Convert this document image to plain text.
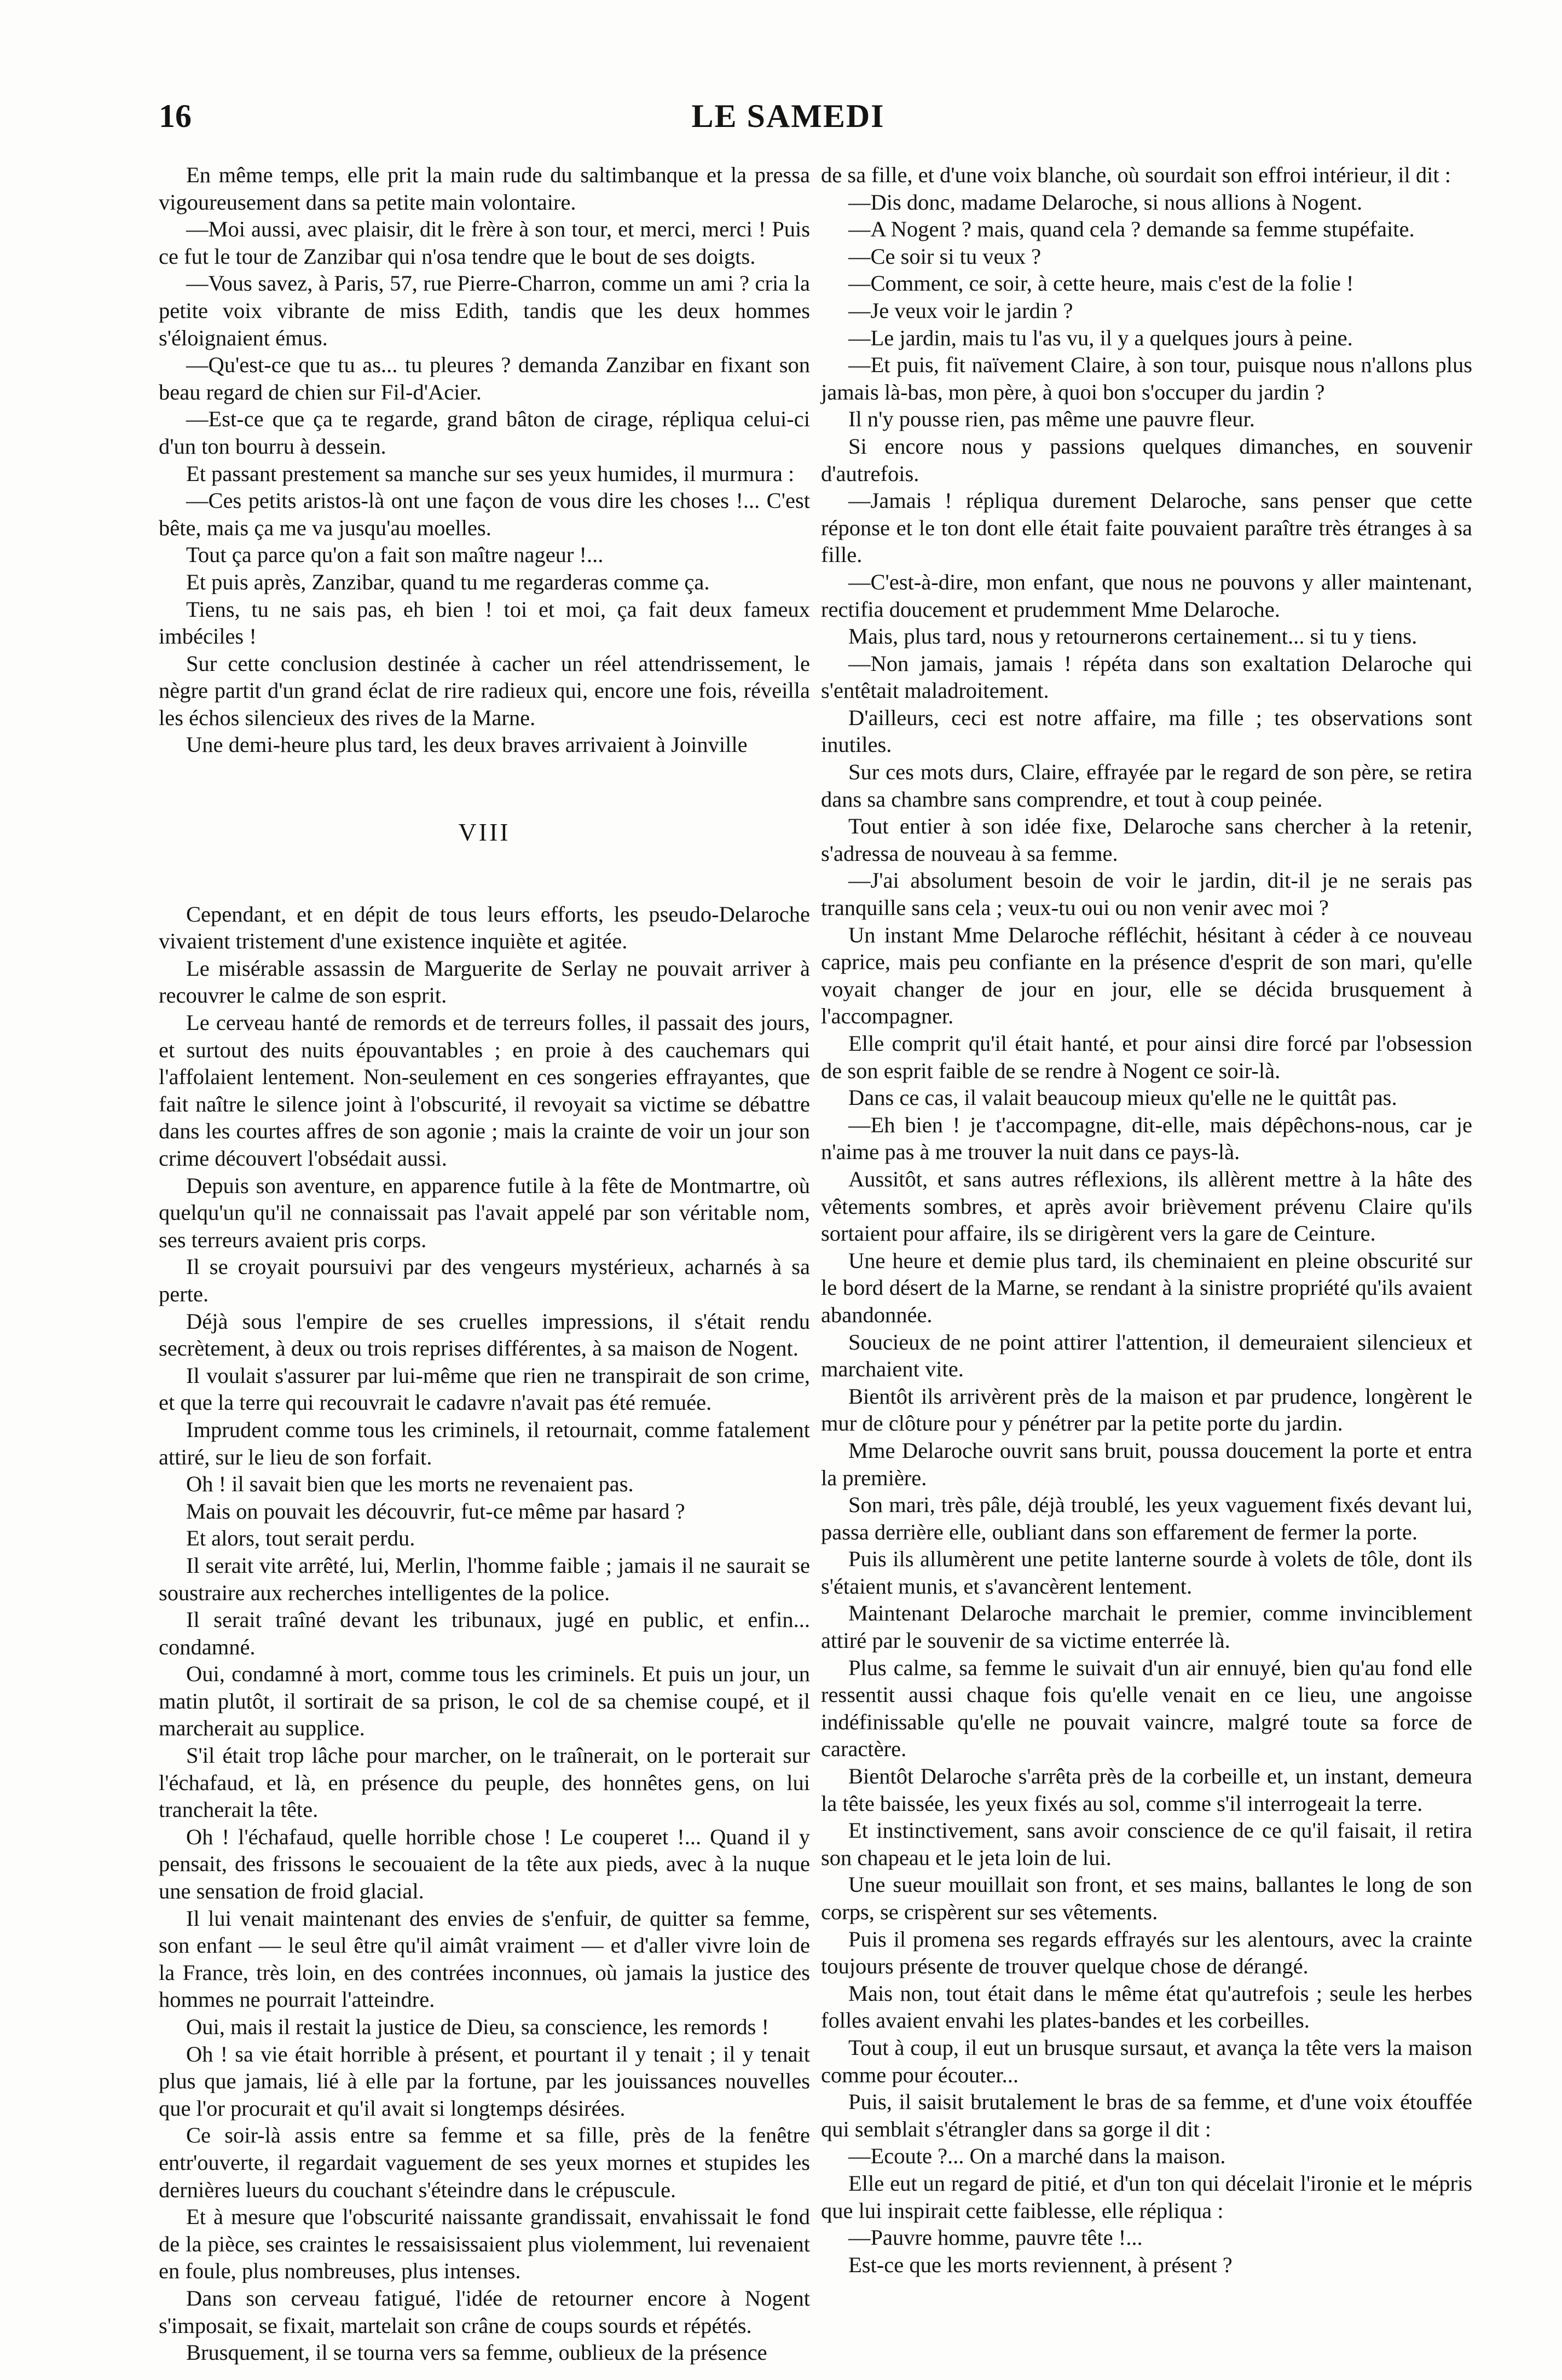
16	LE SAMEDI

En même temps, elle prit la main rude du saltimbanque et la pressa vigoureusement dans sa petite main volontaire.

—Moi aussi, avec plaisir, dit le frère à son tour, et merci, merci ! Puis ce fut le tour de Zanzibar qui n'osa tendre que le bout de ses doigts.

—Vous savez, à Paris, 57, rue Pierre-Charron, comme un ami ? cria la petite voix vibrante de miss Edith, tandis que les deux hommes s'éloignaient émus.

—Qu'est-ce que tu as... tu pleures ? demanda Zanzibar en fixant son beau regard de chien sur Fil-d'Acier.

—Est-ce que ça te regarde, grand bâton de cirage, répliqua celui-ci d'un ton bourru à dessein.

Et passant prestement sa manche sur ses yeux humides, il murmura :

—Ces petits aristos-là ont une façon de vous dire les choses !... C'est bête, mais ça me va jusqu'au moelles.

Tout ça parce qu'on a fait son maître nageur !...

Et puis après, Zanzibar, quand tu me regarderas comme ça.

Tiens, tu ne sais pas, eh bien ! toi et moi, ça fait deux fameux imbéciles !

Sur cette conclusion destinée à cacher un réel attendrissement, le nègre partit d'un grand éclat de rire radieux qui, encore une fois, réveilla les échos silencieux des rives de la Marne.

Une demi-heure plus tard, les deux braves arrivaient à Joinville

VIII

Cependant, et en dépit de tous leurs efforts, les pseudo-Delaroche vivaient tristement d'une existence inquiète et agitée.

Le misérable assassin de Marguerite de Serlay ne pouvait arriver à recouvrer le calme de son esprit.

Le cerveau hanté de remords et de terreurs folles, il passait des jours, et surtout des nuits épouvantables ; en proie à des cauchemars qui l'affolaient lentement. Non-seulement en ces songeries effrayantes, que fait naître le silence joint à l'obscurité, il revoyait sa victime se débattre dans les courtes affres de son agonie ; mais la crainte de voir un jour son crime découvert l'obsédait aussi.

Depuis son aventure, en apparence futile à la fête de Montmartre, où quelqu'un qu'il ne connaissait pas l'avait appelé par son véritable nom, ses terreurs avaient pris corps.

Il se croyait poursuivi par des vengeurs mystérieux, acharnés à sa perte.

Déjà sous l'empire de ses cruelles impressions, il s'était rendu secrètement, à deux ou trois reprises différentes, à sa maison de Nogent.

Il voulait s'assurer par lui-même que rien ne transpirait de son crime, et que la terre qui recouvrait le cadavre n'avait pas été remuée.

Imprudent comme tous les criminels, il retournait, comme fatalement attiré, sur le lieu de son forfait.

Oh ! il savait bien que les morts ne revenaient pas.

Mais on pouvait les découvrir, fut-ce même par hasard ?

Et alors, tout serait perdu.

Il serait vite arrêté, lui, Merlin, l'homme faible ; jamais il ne saurait se soustraire aux recherches intelligentes de la police.

Il serait traîné devant les tribunaux, jugé en public, et enfin... condamné.

Oui, condamné à mort, comme tous les criminels. Et puis un jour, un matin plutôt, il sortirait de sa prison, le col de sa chemise coupé, et il marcherait au supplice.

S'il était trop lâche pour marcher, on le traînerait, on le porterait sur l'échafaud, et là, en présence du peuple, des honnêtes gens, on lui trancherait la tête.

Oh ! l'échafaud, quelle horrible chose ! Le couperet !... Quand il y pensait, des frissons le secouaient de la tête aux pieds, avec à la nuque une sensation de froid glacial.

Il lui venait maintenant des envies de s'enfuir, de quitter sa femme, son enfant — le seul être qu'il aimât vraiment — et d'aller vivre loin de la France, très loin, en des contrées inconnues, où jamais la justice des hommes ne pourrait l'atteindre.

Oui, mais il restait la justice de Dieu, sa conscience, les remords !

Oh ! sa vie était horrible à présent, et pourtant il y tenait ; il y tenait plus que jamais, lié à elle par la fortune, par les jouissances nouvelles que l'or procurait et qu'il avait si longtemps désirées.

Ce soir-là assis entre sa femme et sa fille, près de la fenêtre entr'ouverte, il regardait vaguement de ses yeux mornes et stupides les dernières lueurs du couchant s'éteindre dans le crépuscule.

Et à mesure que l'obscurité naissante grandissait, envahissait le fond de la pièce, ses craintes le ressaisissaient plus violemment, lui revenaient en foule, plus nombreuses, plus intenses.

Dans son cerveau fatigué, l'idée de retourner encore à Nogent s'imposait, se fixait, martelait son crâne de coups sourds et répétés.

Brusquement, il se tourna vers sa femme, oublieux de la présence

de sa fille, et d'une voix blanche, où sourdait son effroi intérieur, il dit :

—Dis donc, madame Delaroche, si nous allions à Nogent.

—A Nogent ? mais, quand cela ? demande sa femme stupéfaite.

—Ce soir si tu veux ?

—Comment, ce soir, à cette heure, mais c'est de la folie !

—Je veux voir le jardin ?

—Le jardin, mais tu l'as vu, il y a quelques jours à peine.

—Et puis, fit naïvement Claire, à son tour, puisque nous n'allons plus jamais là-bas, mon père, à quoi bon s'occuper du jardin ?

Il n'y pousse rien, pas même une pauvre fleur.

Si encore nous y passions quelques dimanches, en souvenir d'autrefois.

—Jamais ! répliqua durement Delaroche, sans penser que cette réponse et le ton dont elle était faite pouvaient paraître très étranges à sa fille.

—C'est-à-dire, mon enfant, que nous ne pouvons y aller maintenant, rectifia doucement et prudemment Mme Delaroche.

Mais, plus tard, nous y retournerons certainement... si tu y tiens.

—Non jamais, jamais ! répéta dans son exaltation Delaroche qui s'entêtait maladroitement.

D'ailleurs, ceci est notre affaire, ma fille ; tes observations sont inutiles.

Sur ces mots durs, Claire, effrayée par le regard de son père, se retira dans sa chambre sans comprendre, et tout à coup peinée.

Tout entier à son idée fixe, Delaroche sans chercher à la retenir, s'adressa de nouveau à sa femme.

—J'ai absolument besoin de voir le jardin, dit-il je ne serais pas tranquille sans cela ; veux-tu oui ou non venir avec moi ?

Un instant Mme Delaroche réfléchit, hésitant à céder à ce nouveau caprice, mais peu confiante en la présence d'esprit de son mari, qu'elle voyait changer de jour en jour, elle se décida brusquement à l'accompagner.

Elle comprit qu'il était hanté, et pour ainsi dire forcé par l'obsession de son esprit faible de se rendre à Nogent ce soir-là.

Dans ce cas, il valait beaucoup mieux qu'elle ne le quittât pas.

—Eh bien ! je t'accompagne, dit-elle, mais dépêchons-nous, car je n'aime pas à me trouver la nuit dans ce pays-là.

Aussitôt, et sans autres réflexions, ils allèrent mettre à la hâte des vêtements sombres, et après avoir brièvement prévenu Claire qu'ils sortaient pour affaire, ils se dirigèrent vers la gare de Ceinture.

Une heure et demie plus tard, ils cheminaient en pleine obscurité sur le bord désert de la Marne, se rendant à la sinistre propriété qu'ils avaient abandonnée.

Soucieux de ne point attirer l'attention, il demeuraient silencieux et marchaient vite.

Bientôt ils arrivèrent près de la maison et par prudence, longèrent le mur de clôture pour y pénétrer par la petite porte du jardin.

Mme Delaroche ouvrit sans bruit, poussa doucement la porte et entra la première.

Son mari, très pâle, déjà troublé, les yeux vaguement fixés devant lui, passa derrière elle, oubliant dans son effarement de fermer la porte.

Puis ils allumèrent une petite lanterne sourde à volets de tôle, dont ils s'étaient munis, et s'avancèrent lentement.

Maintenant Delaroche marchait le premier, comme invinciblement attiré par le souvenir de sa victime enterrée là.

Plus calme, sa femme le suivait d'un air ennuyé, bien qu'au fond elle ressentit aussi chaque fois qu'elle venait en ce lieu, une angoisse indéfinissable qu'elle ne pouvait vaincre, malgré toute sa force de caractère.

Bientôt Delaroche s'arrêta près de la corbeille et, un instant, demeura la tête baissée, les yeux fixés au sol, comme s'il interrogeait la terre.

Et instinctivement, sans avoir conscience de ce qu'il faisait, il retira son chapeau et le jeta loin de lui.

Une sueur mouillait son front, et ses mains, ballantes le long de son corps, se crispèrent sur ses vêtements.

Puis il promena ses regards effrayés sur les alentours, avec la crainte toujours présente de trouver quelque chose de dérangé.

Mais non, tout était dans le même état qu'autrefois ; seule les herbes folles avaient envahi les plates-bandes et les corbeilles.

Tout à coup, il eut un brusque sursaut, et avança la tête vers la maison comme pour écouter...

Puis, il saisit brutalement le bras de sa femme, et d'une voix étouffée qui semblait s'étrangler dans sa gorge il dit :

—Ecoute ?... On a marché dans la maison.

Elle eut un regard de pitié, et d'un ton qui décelait l'ironie et le mépris que lui inspirait cette faiblesse, elle répliqua :

—Pauvre homme, pauvre tête !...

Est-ce que les morts reviennent, à présent ?
